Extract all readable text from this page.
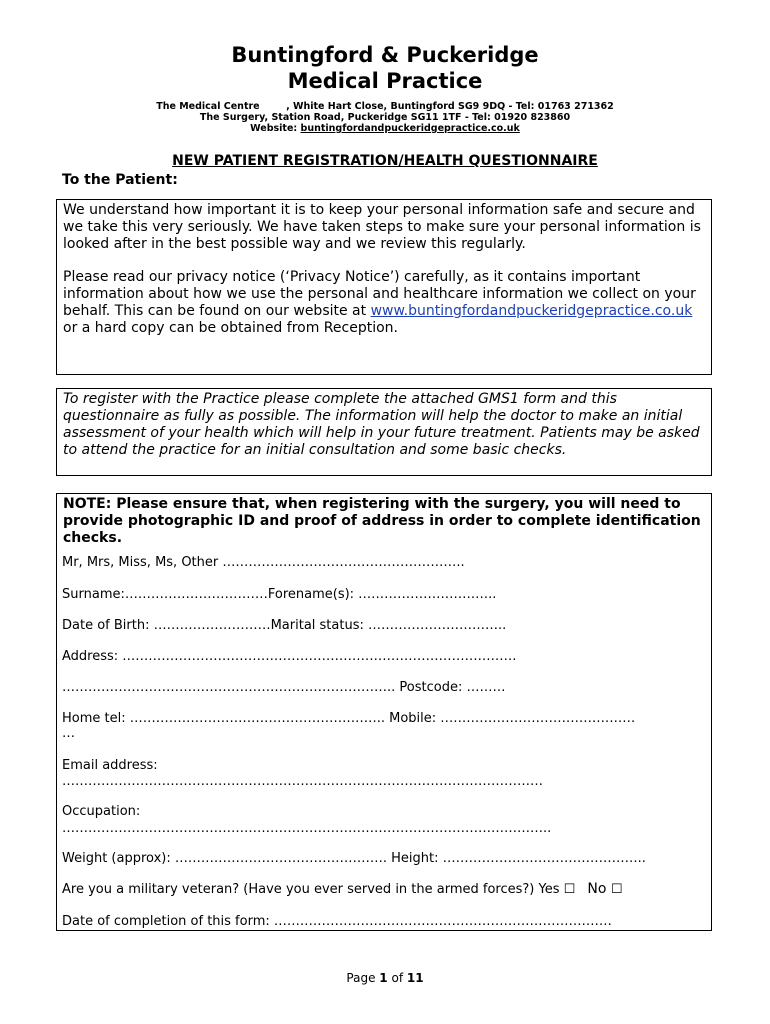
Buntingford & Puckeridge
Medical Practice
The Medical Centre        , White Hart Close, Buntingford SG9 9DQ - Tel: 01763 271362
The Surgery, Station Road, Puckeridge SG11 1TF - Tel: 01920 823860
Website: buntingfordandpuckeridgepractice.co.uk
NEW PATIENT REGISTRATION/HEALTH QUESTIONNAIRE
To the Patient:

We understand how important it is to keep your personal information safe and secure and we take this very seriously. We have taken steps to make sure your personal information is looked after in the best possible way and we review this regularly.

Please read our privacy notice (‘Privacy Notice’) carefully, as it contains important information about how we use the personal and healthcare information we collect on your behalf. This can be found on our website at www.buntingfordandpuckeridgepractice.co.uk or a hard copy can be obtained from Reception.

To register with the Practice please complete the attached GMS1 form and this questionnaire as fully as possible. The information will help the doctor to make an initial assessment of your health which will help in your future treatment. Patients may be asked to attend the practice for an initial consultation and some basic checks.

NOTE: Please ensure that, when registering with the surgery, you will need to provide photographic ID and proof of address in order to complete identification checks.

Mr, Mrs, Miss, Ms, Other ………………………………………………..
Surname:……………………………Forename(s): …………………………..
Date of Birth: ………………………Marital status: …………………………..
Address: ……………………………………………………………………………….
………………………………………………………………….. Postcode: ………
Home tel: ………………………………………………….. Mobile: ………………………………………
…
Email address:
…………………………………………………………………………………………………
Occupation:
…………………………………………………………………………………………………..
Weight (approx): …………………………………………. Height: ………………………………………..
Are you a military veteran? (Have you ever served in the armed forces?) Yes ☐ No ☐
Date of completion of this form: ……………………………………………………………………
Page 1 of 11
